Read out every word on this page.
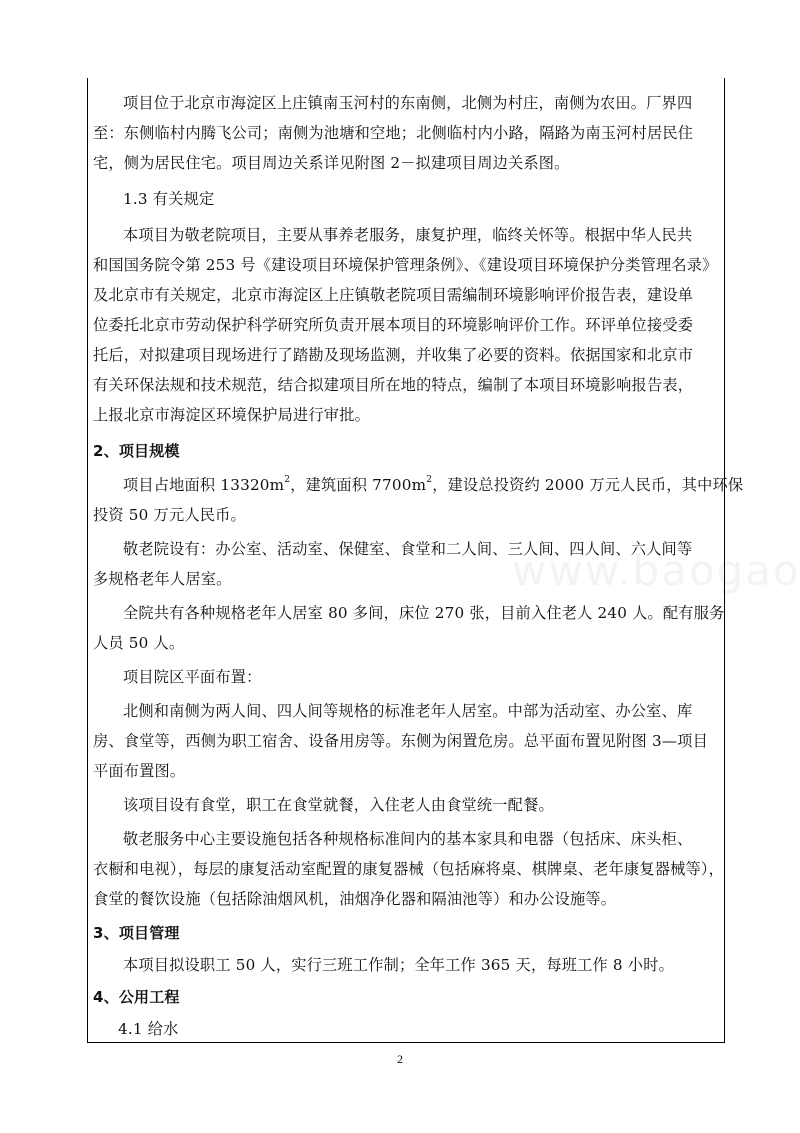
项目位于北京市海淀区上庄镇南玉河村的东南侧，北侧为村庄，南侧为农田。厂界四
至：东侧临村内腾飞公司；南侧为池塘和空地；北侧临村内小路，隔路为南玉河村居民住
宅，侧为居民住宅。项目周边关系详见附图 2－拟建项目周边关系图。
1.3 有关规定
本项目为敬老院项目，主要从事养老服务，康复护理，临终关怀等。根据中华人民共
和国国务院令第 253 号《建设项目环境保护管理条例》、《建设项目环境保护分类管理名录》
及北京市有关规定，北京市海淀区上庄镇敬老院项目需编制环境影响评价报告表，建设单
位委托北京市劳动保护科学研究所负责开展本项目的环境影响评价工作。环评单位接受委
托后，对拟建项目现场进行了踏勘及现场监测，并收集了必要的资料。依据国家和北京市
有关环保法规和技术规范，结合拟建项目所在地的特点，编制了本项目环境影响报告表，
上报北京市海淀区环境保护局进行审批。
2、项目规模
项目占地面积 $13320m^2$，建筑面积 $7700m^2$，建设总投资约 2000 万元人民币，其中环保
投资 50 万元人民币。
敬老院设有：办公室、活动室、保健室、食堂和二人间、三人间、四人间、六人间等
多规格老年人居室。
全院共有各种规格老年人居室 80 多间，床位 270 张，目前入住老人 240 人。配有服务
人员 50 人。
项目院区平面布置：
北侧和南侧为两人间、四人间等规格的标准老年人居室。中部为活动室、办公室、库
房、食堂等，西侧为职工宿舍、设备用房等。东侧为闲置危房。总平面布置见附图 3—项目
平面布置图。
该项目设有食堂，职工在食堂就餐，入住老人由食堂统一配餐。
敬老服务中心主要设施包括各种规格标准间内的基本家具和电器（包括床、床头柜、
衣橱和电视），每层的康复活动室配置的康复器械（包括麻将桌、棋牌桌、老年康复器械等），
食堂的餐饮设施（包括除油烟风机，油烟净化器和隔油池等）和办公设施等。
3、项目管理
本项目拟设职工 50 人，实行三班工作制；全年工作 365 天，每班工作 8 小时。
4、公用工程
4.1 给水
2
